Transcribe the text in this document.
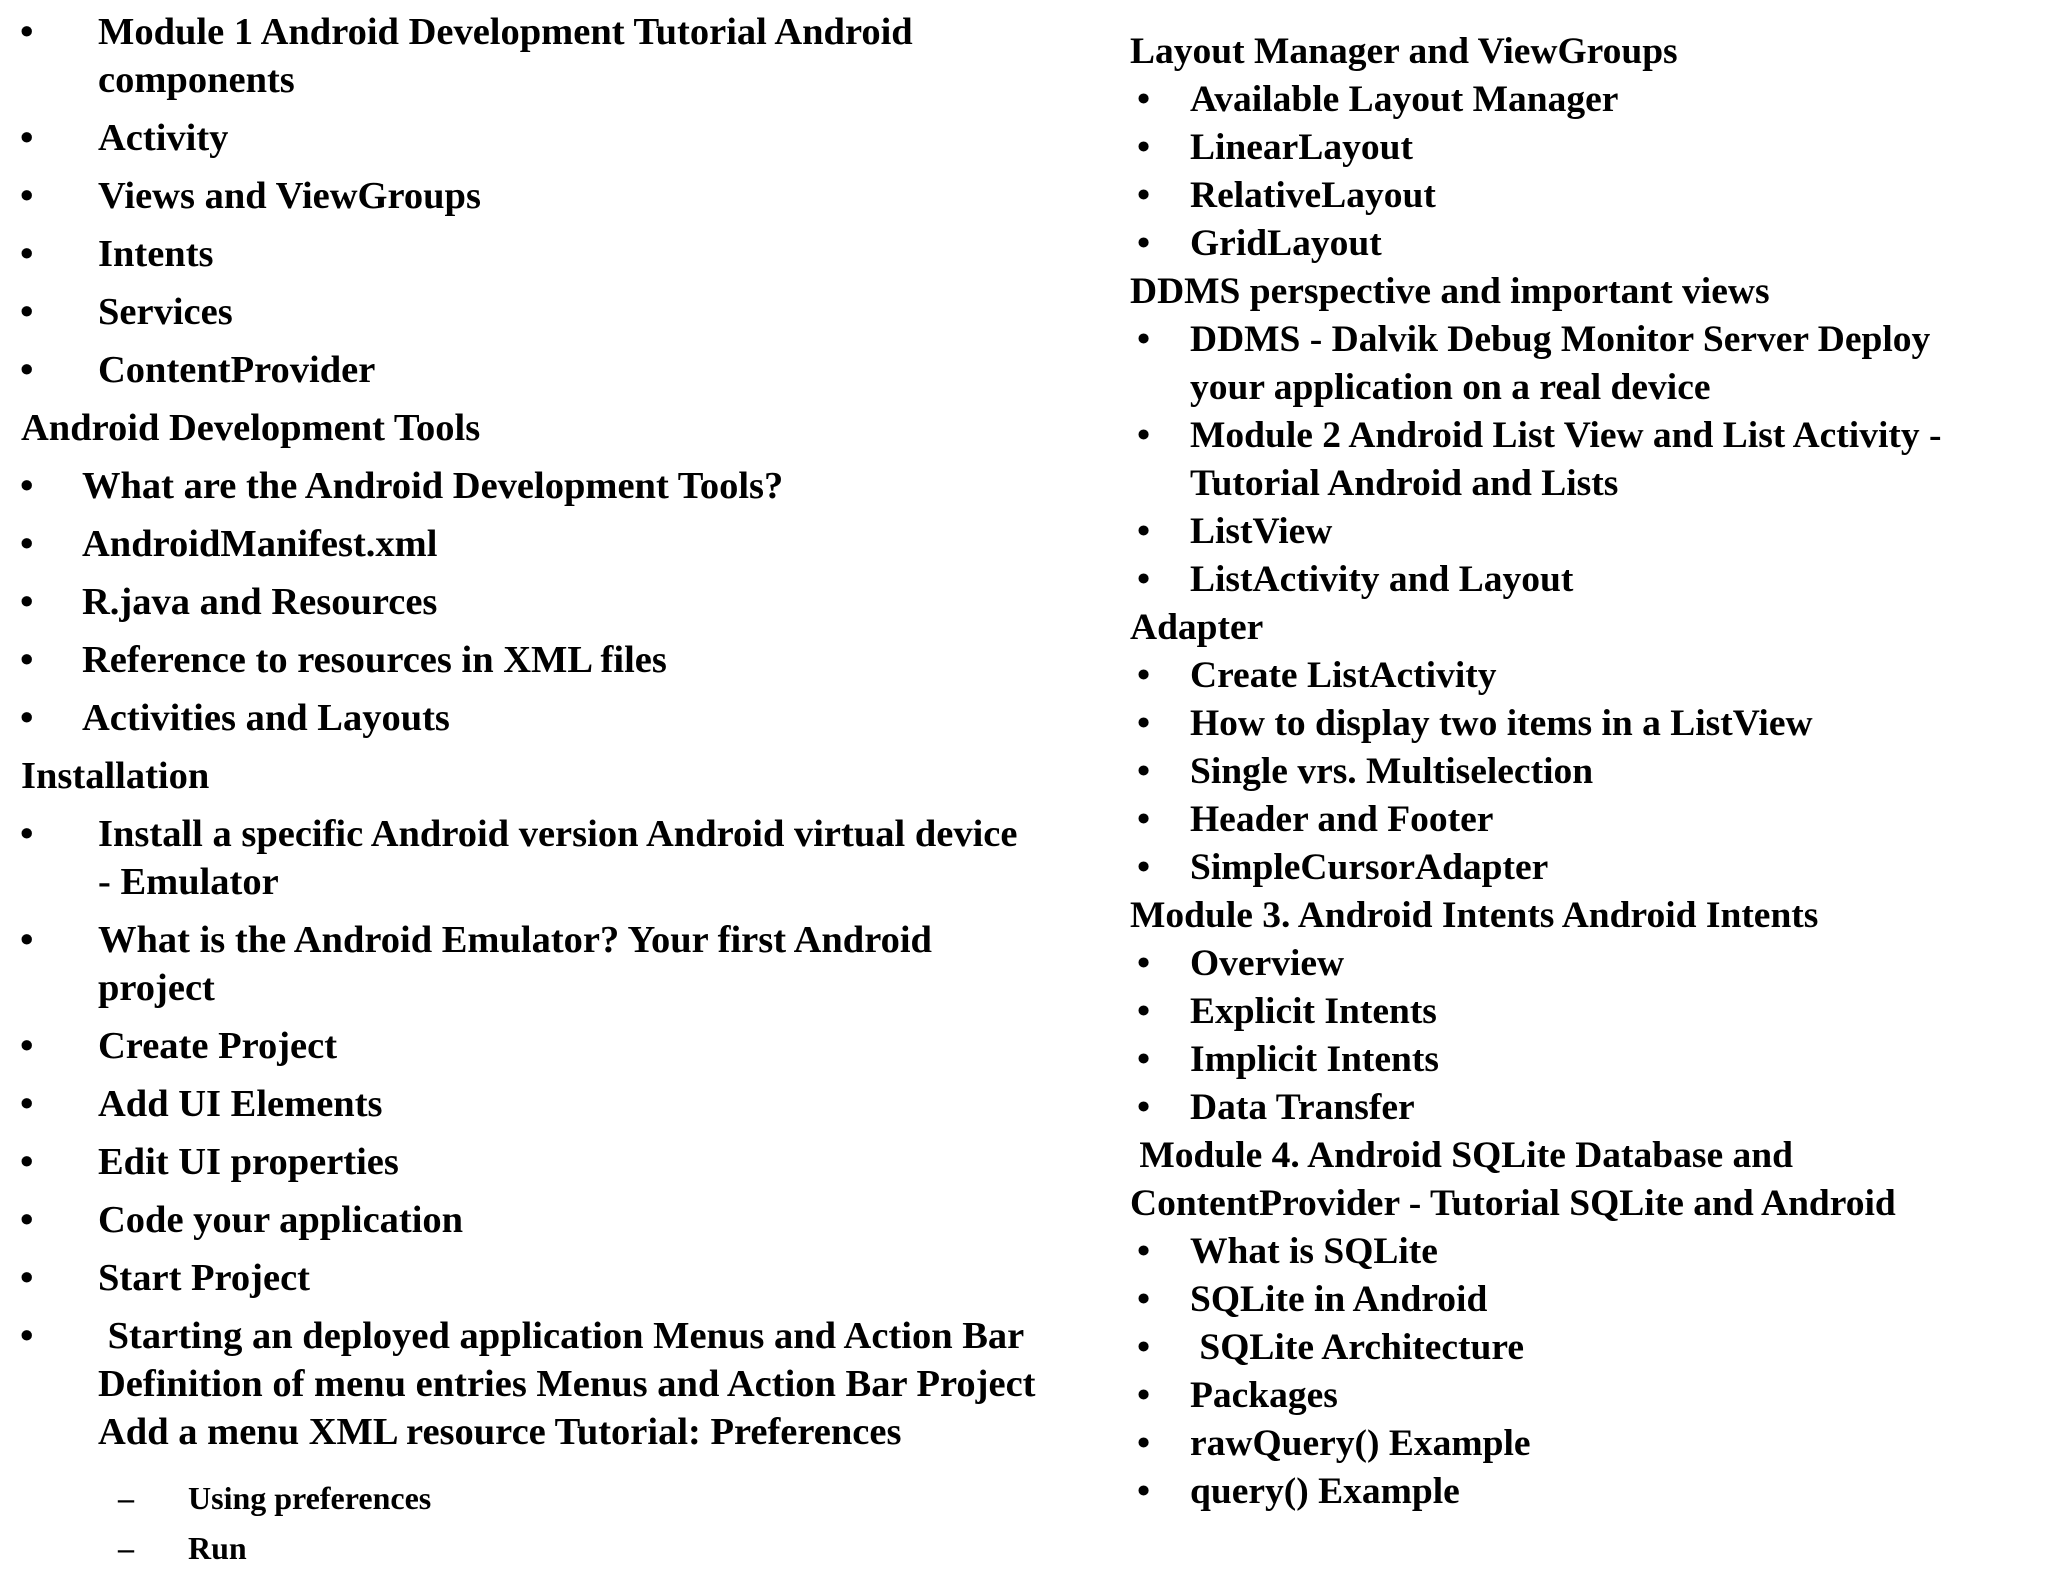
• Module 1 Android Development Tutorial Android
components
• Activity
• Views and ViewGroups
• Intents
• Services
• ContentProvider
Android Development Tools
• What are the Android Development Tools?
• AndroidManifest.xml
• R.java and Resources
• Reference to resources in XML files
• Activities and Layouts
Installation
• Install a specific Android version Android virtual device
- Emulator
• What is the Android Emulator? Your first Android
project
• Create Project
• Add UI Elements
• Edit UI properties
• Code your application
• Start Project
• Starting an deployed application Menus and Action Bar
Definition of menu entries Menus and Action Bar Project
Add a menu XML resource Tutorial: Preferences
– Using preferences
– Run
Layout Manager and ViewGroups
• Available Layout Manager
• LinearLayout
• RelativeLayout
• GridLayout
DDMS perspective and important views
• DDMS - Dalvik Debug Monitor Server Deploy
your application on a real device
• Module 2 Android List View and List Activity -
Tutorial Android and Lists
• ListView
• ListActivity and Layout
Adapter
• Create ListActivity
• How to display two items in a ListView
• Single vrs. Multiselection
• Header and Footer
• SimpleCursorAdapter
Module 3. Android Intents Android Intents
• Overview
• Explicit Intents
• Implicit Intents
• Data Transfer
Module 4. Android SQLite Database and
ContentProvider - Tutorial SQLite and Android
• What is SQLite
• SQLite in Android
• SQLite Architecture
• Packages
• rawQuery() Example
• query() Example
